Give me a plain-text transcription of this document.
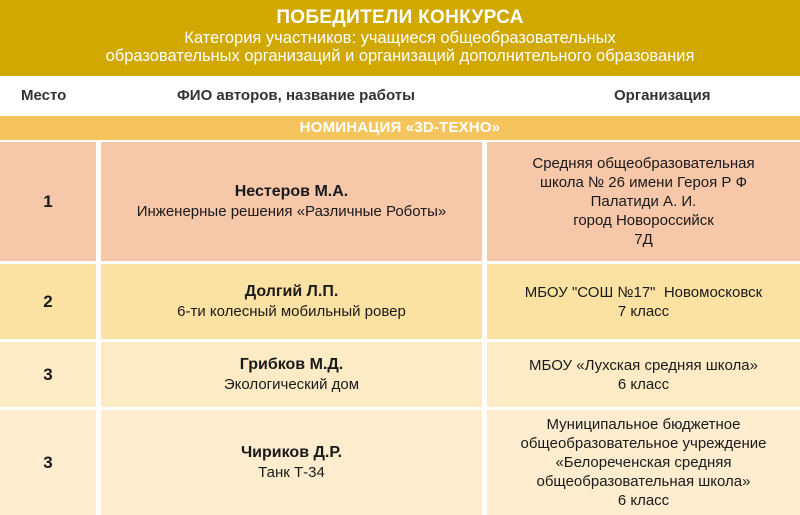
ПОБЕДИТЕЛИ КОНКУРСА
Категория участников: учащиеся общеобразовательных
образовательных организаций и организаций дополнительного образования
Место	ФИО авторов, название работы	Организация
НОМИНАЦИЯ «3D-ТЕХНО»
1
Нестеров М.А.
Инженерные решения «Различные Роботы»
Средняя общеобразовательная
школа № 26 имени Героя Р Ф
Палатиди А. И.
город Новороссийск
7Д
2
Долгий Л.П.
6-ти колесный мобильный ровер
МБОУ "СОШ №17"  Новомосковск
7 класс
3
Грибков М.Д.
Экологический дом
МБОУ «Лухская средняя школа»
6 класс
3
Чириков Д.Р.
Танк Т-34
Муниципальное бюджетное
общеобразовательное учреждение
«Белореченская средняя
общеобразовательная школа»
6 класс
